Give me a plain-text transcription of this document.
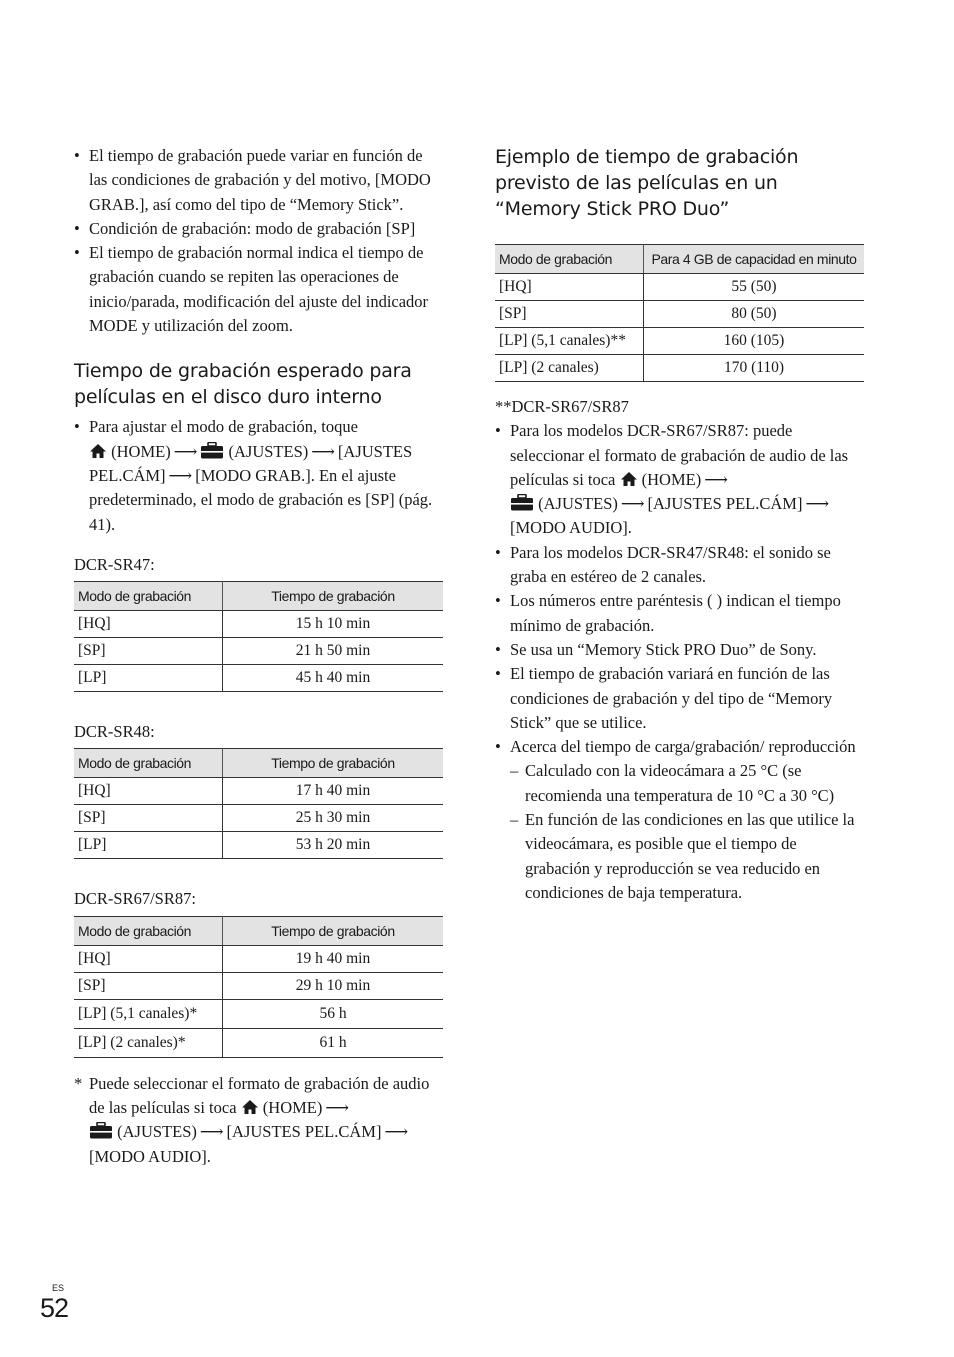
• El tiempo de grabación puede variar en función de las condiciones de grabación y del motivo, [MODO GRAB.], así como del tipo de “Memory Stick”.
• Condición de grabación: modo de grabación [SP]
• El tiempo de grabación normal indica el tiempo de grabación cuando se repiten las operaciones de inicio/parada, modificación del ajuste del indicador MODE y utilización del zoom.
Tiempo de grabación esperado para películas en el disco duro interno
• Para ajustar el modo de grabación, toque
(HOME) ⟶ (AJUSTES) ⟶ [AJUSTES PEL.CÁM] ⟶ [MODO GRAB.]. En el ajuste predeterminado, el modo de grabación es [SP] (pág. 41).

DCR-SR47:

Modo de grabación	Tiempo de grabación
[HQ]	15 h 10 min
[SP]	21 h 50 min
[LP]	45 h 40 min

DCR-SR48:

Modo de grabación	Tiempo de grabación
[HQ]	17 h 40 min
[SP]	25 h 30 min
[LP]	53 h 20 min

DCR-SR67/SR87:

Modo de grabación	Tiempo de grabación
[HQ]	19 h 40 min
[SP]	29 h 10 min
[LP] (5,1 canales)*	56 h
[LP] (2 canales)*	61 h
* Puede seleccionar el formato de grabación de audio de las películas si toca (HOME) ⟶
(AJUSTES) ⟶ [AJUSTES PEL.CÁM] ⟶
[MODO AUDIO].
Ejemplo de tiempo de grabación previsto de las películas en un “Memory Stick PRO Duo”
Modo de grabación	Para 4 GB de capacidad en minuto
[HQ]	55 (50)
[SP]	80 (50)
[LP] (5,1 canales)**	160 (105)
[LP] (2 canales)	170 (110)

**DCR-SR67/SR87

• Para los modelos DCR-SR67/SR87: puede seleccionar el formato de grabación de audio de las películas si toca (HOME) ⟶
(AJUSTES) ⟶ [AJUSTES PEL.CÁM] ⟶
[MODO AUDIO].
• Para los modelos DCR-SR47/SR48: el sonido se graba en estéreo de 2 canales.
• Los números entre paréntesis ( ) indican el tiempo mínimo de grabación.
• Se usa un “Memory Stick PRO Duo” de Sony.
• El tiempo de grabación variará en función de las condiciones de grabación y del tipo de “Memory Stick” que se utilice.
• Acerca del tiempo de carga/grabación/ reproducción
– Calculado con la videocámara a 25 °C (se recomienda una temperatura de 10 °C a 30 °C)
– En función de las condiciones en las que utilice la videocámara, es posible que el tiempo de grabación y reproducción se vea reducido en condiciones de baja temperatura.
ES
52
